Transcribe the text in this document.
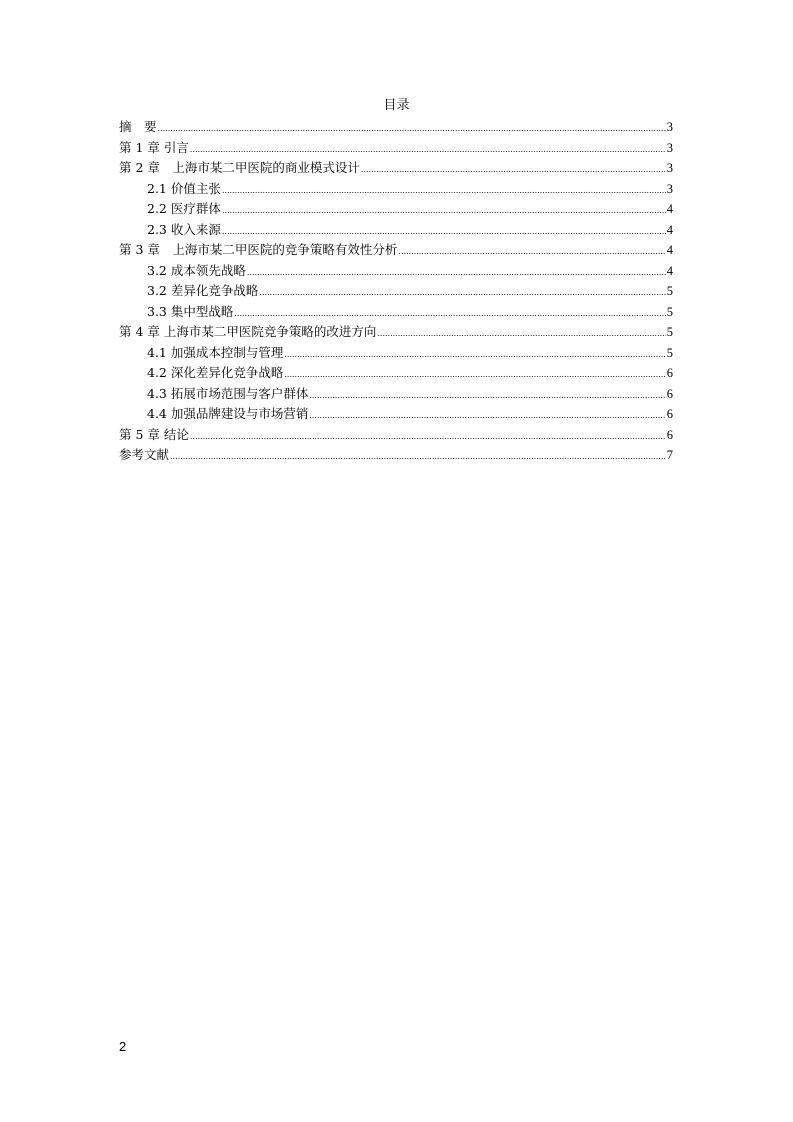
目录
摘　要 .....	3
第 1 章 引言 .....	3
第 2 章　上海市某二甲医院的商业模式设计 .....	3
2.1 价值主张 .....	3
2.2 医疗群体 .....	4
2.3 收入来源 .....	4
第 3 章　上海市某二甲医院的竞争策略有效性分析 .....	4
3.2 成本领先战略 .....	4
3.2 差异化竞争战略 .....	5
3.3 集中型战略 .....	5
第 4 章 上海市某二甲医院竞争策略的改进方向 .....	5
4.1 加强成本控制与管理 .....	5
4.2 深化差异化竞争战略 .....	6
4.3 拓展市场范围与客户群体 .....	6
4.4 加强品牌建设与市场营销 .....	6
第 5 章 结论 .....	6
参考文献 .....	7
2
